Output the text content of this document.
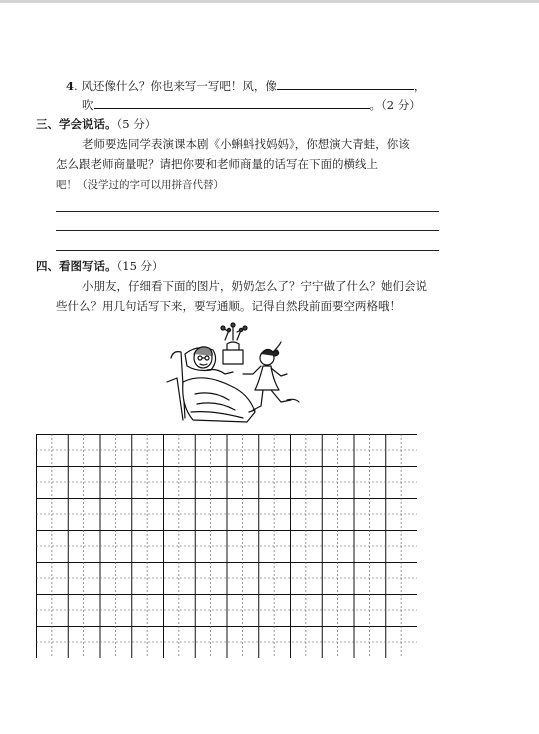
4. 风还像什么？你也来写一写吧！风，像	，
吹	。（2 分）
三、学会说话。（5 分）
老师要选同学表演课本剧《小蝌蚪找妈妈》，你想演大青蛙，你该
怎么跟老师商量呢？请把你要和老师商量的话写在下面的横线上
吧！（没学过的字可以用拼音代替）
四、看图写话。（15 分）
小朋友，仔细看下面的图片，奶奶怎么了？宁宁做了什么？她们会说
些什么？用几句话写下来，要写通顺。记得自然段前面要空两格哦！
